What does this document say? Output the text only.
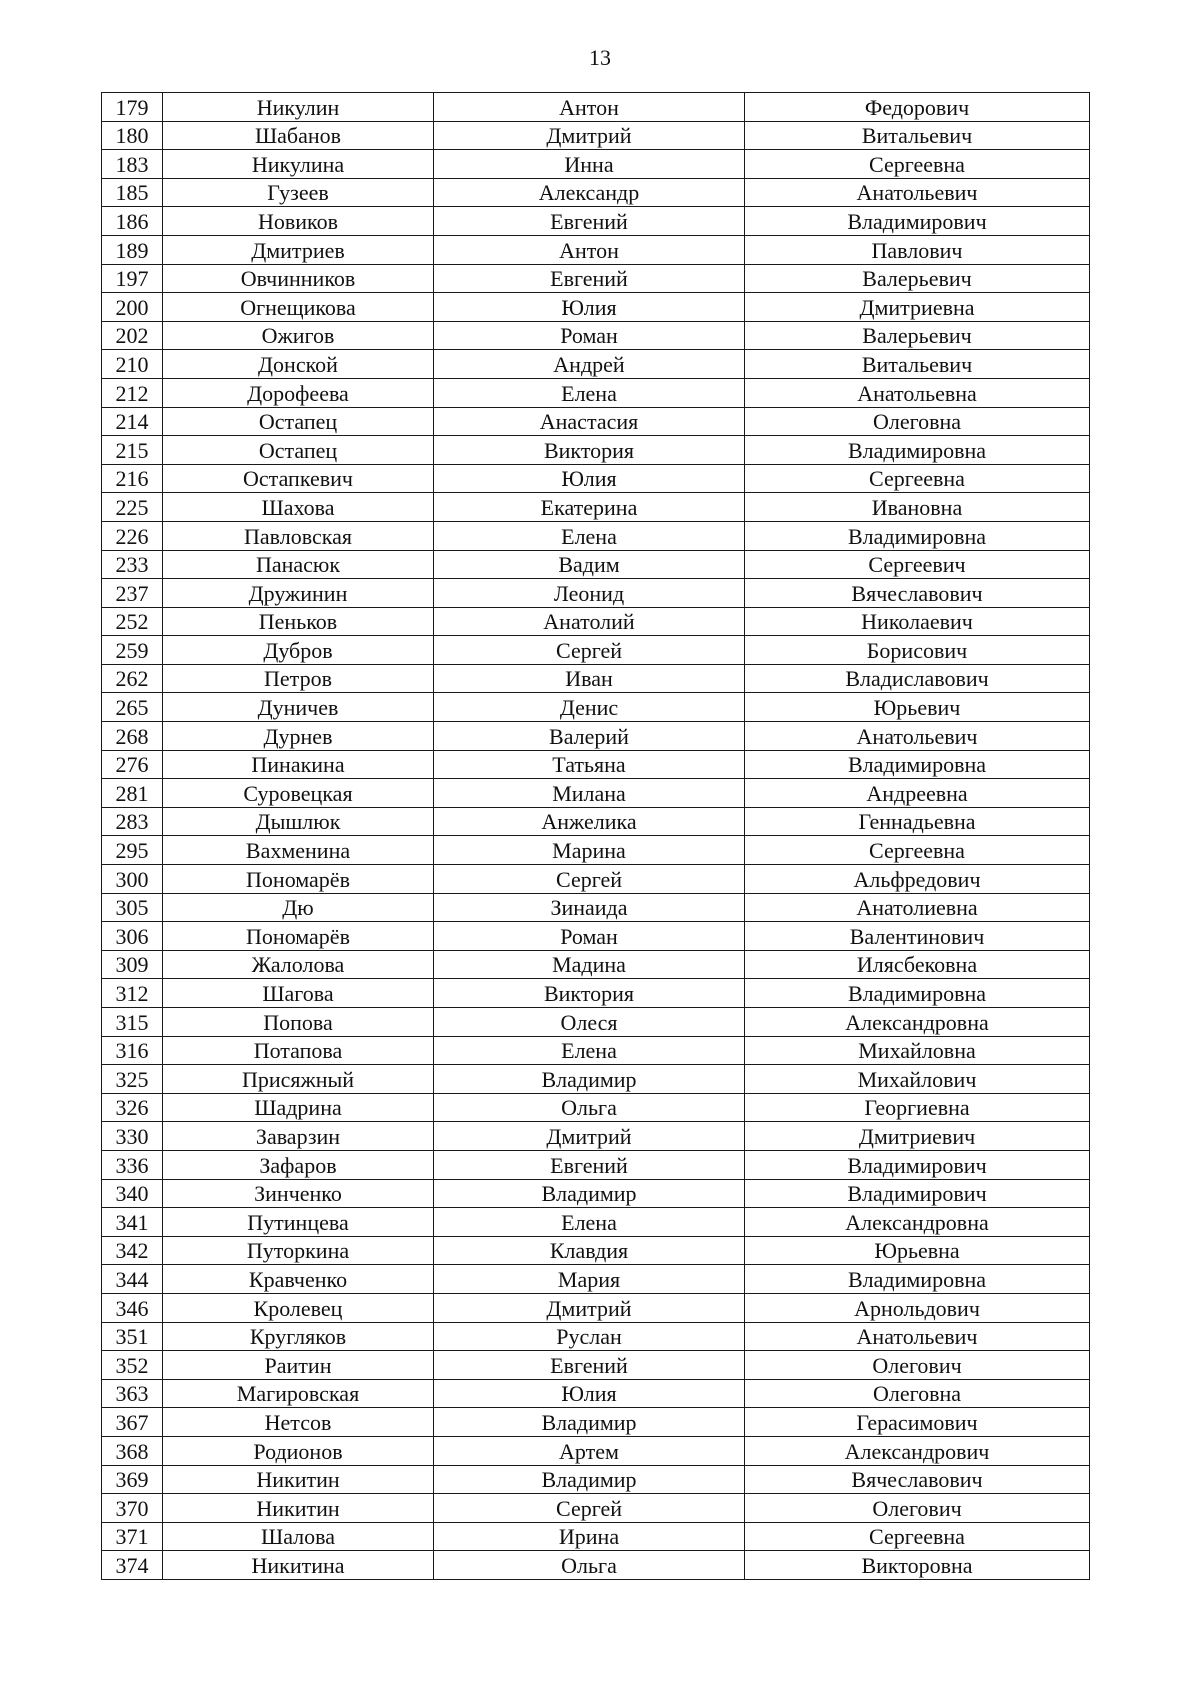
13
179	Никулин	Антон	Федорович
180	Шабанов	Дмитрий	Витальевич
183	Никулина	Инна	Сергеевна
185	Гузеев	Александр	Анатольевич
186	Новиков	Евгений	Владимирович
189	Дмитриев	Антон	Павлович
197	Овчинников	Евгений	Валерьевич
200	Огнещикова	Юлия	Дмитриевна
202	Ожигов	Роман	Валерьевич
210	Донской	Андрей	Витальевич
212	Дорофеева	Елена	Анатольевна
214	Остапец	Анастасия	Олеговна
215	Остапец	Виктория	Владимировна
216	Остапкевич	Юлия	Сергеевна
225	Шахова	Екатерина	Ивановна
226	Павловская	Елена	Владимировна
233	Панасюк	Вадим	Сергеевич
237	Дружинин	Леонид	Вячеславович
252	Пеньков	Анатолий	Николаевич
259	Дубров	Сергей	Борисович
262	Петров	Иван	Владиславович
265	Дуничев	Денис	Юрьевич
268	Дурнев	Валерий	Анатольевич
276	Пинакина	Татьяна	Владимировна
281	Суровецкая	Милана	Андреевна
283	Дышлюк	Анжелика	Геннадьевна
295	Вахменина	Марина	Сергеевна
300	Пономарёв	Сергей	Альфредович
305	Дю	Зинаида	Анатолиевна
306	Пономарёв	Роман	Валентинович
309	Жалолова	Мадина	Илясбековна
312	Шагова	Виктория	Владимировна
315	Попова	Олеся	Александровна
316	Потапова	Елена	Михайловна
325	Присяжный	Владимир	Михайлович
326	Шадрина	Ольга	Георгиевна
330	Заварзин	Дмитрий	Дмитриевич
336	Зафаров	Евгений	Владимирович
340	Зинченко	Владимир	Владимирович
341	Путинцева	Елена	Александровна
342	Путоркина	Клавдия	Юрьевна
344	Кравченко	Мария	Владимировна
346	Кролевец	Дмитрий	Арнольдович
351	Кругляков	Руслан	Анатольевич
352	Раитин	Евгений	Олегович
363	Магировская	Юлия	Олеговна
367	Нетсов	Владимир	Герасимович
368	Родионов	Артем	Александрович
369	Никитин	Владимир	Вячеславович
370	Никитин	Сергей	Олегович
371	Шалова	Ирина	Сергеевна
374	Никитина	Ольга	Викторовна
